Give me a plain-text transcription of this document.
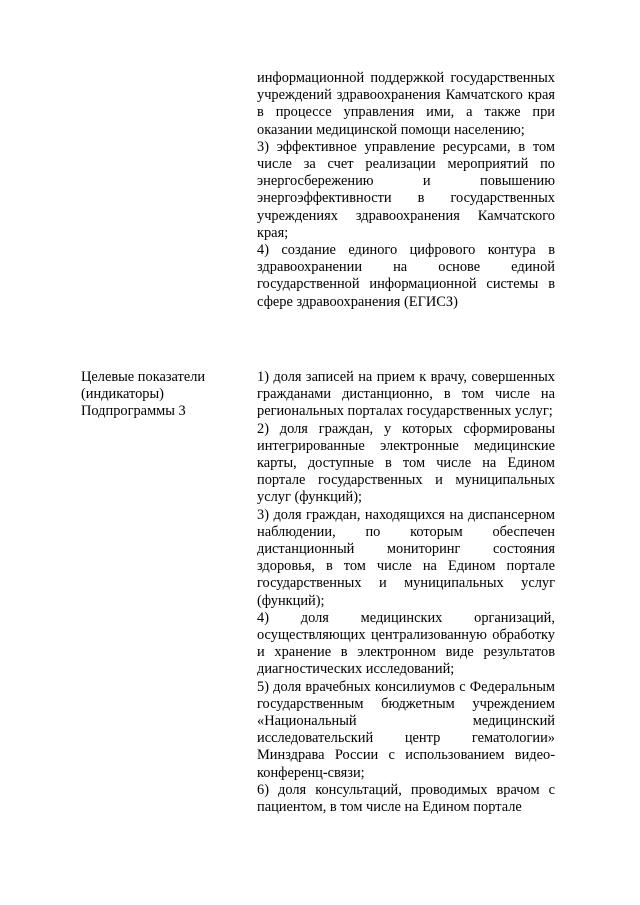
информационной поддержкой государственных учреждений здравоохранения Камчатского края в процессе управления ими, а также при оказании медицинской помощи населению;

3) эффективное управление ресурсами, в том числе за счет реализации мероприятий по энергосбережению и повышению энергоэффективности в государственных учреждениях здравоохранения Камчатского края;

4) создание единого цифрового контура в здравоохранении на основе единой государственной информационной системы в сфере здравоохранения (ЕГИСЗ)

Целевые показатели
(индикаторы)
Подпрограммы 3

1) доля записей на прием к врачу, совершенных гражданами дистанционно, в том числе на региональных порталах государственных услуг;

2) доля граждан, у которых сформированы интегрированные электронные медицинские карты, доступные в том числе на Едином портале государственных и муниципальных услуг (функций);

3) доля граждан, находящихся на диспансерном наблюдении, по которым обеспечен дистанционный мониторинг состояния здоровья, в том числе на Едином портале государственных и муниципальных услуг (функций);

4) доля медицинских организаций, осуществляющих централизованную обработку и хранение в электронном виде результатов диагностических исследований;

5) доля врачебных консилиумов с Федеральным государственным бюджетным учреждением «Национальный медицинский исследовательский центр гематологии» Минздрава России с использованием видео-конференц-связи;

6) доля консультаций, проводимых врачом с пациентом, в том числе на Едином портале
